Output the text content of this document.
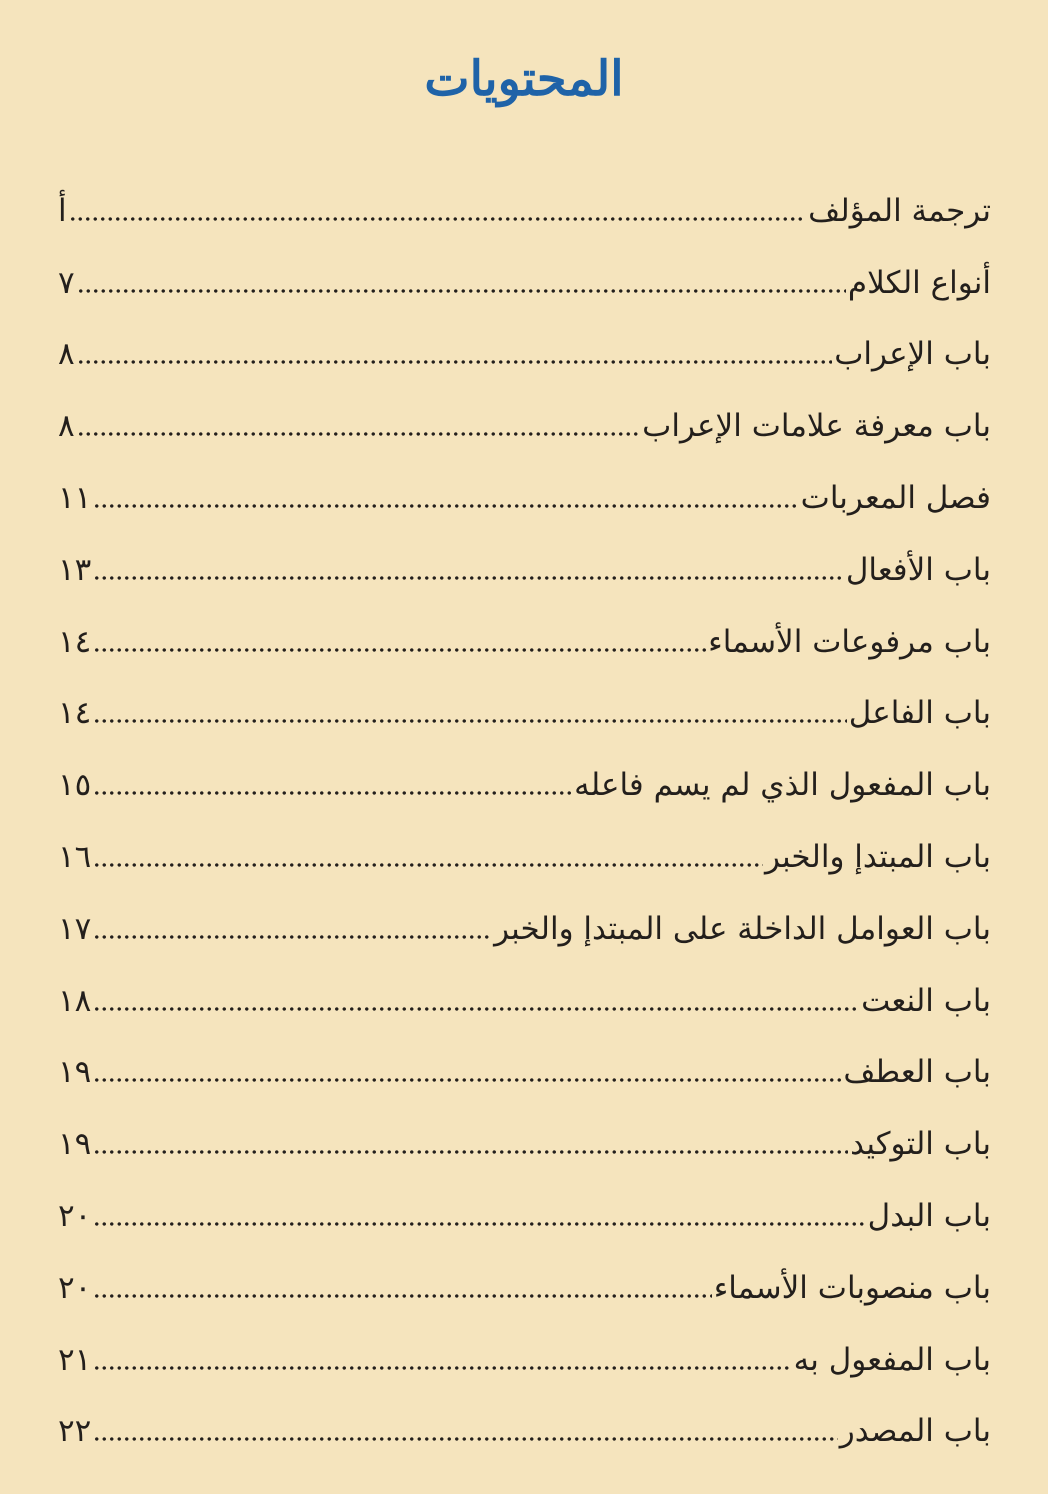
المحتويات
ترجمة المؤلف
أ
أنواع الكلام
٧
باب الإعراب
٨
باب معرفة علامات الإعراب
٨
فصل المعربات
١١
باب الأفعال
١٣
باب مرفوعات الأسماء
١٤
باب الفاعل
١٤
باب المفعول الذي لم يسم فاعله
١٥
باب المبتدإ والخبر
١٦
باب العوامل الداخلة على المبتدإ والخبر
١٧
باب النعت
١٨
باب العطف
١٩
باب التوكيد
١٩
باب البدل
٢٠
باب منصوبات الأسماء
٢٠
باب المفعول به
٢١
باب المصدر
٢٢
